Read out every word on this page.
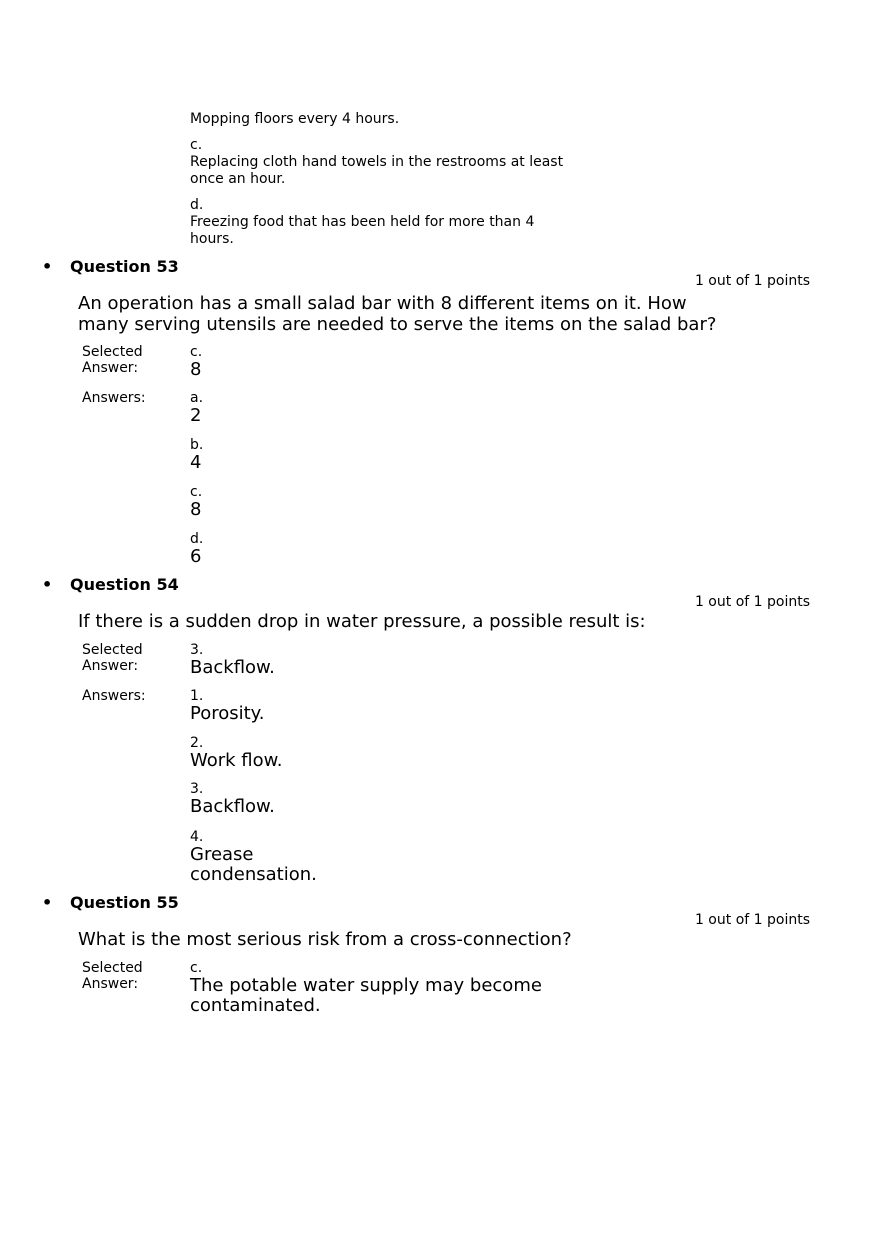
Mopping floors every 4 hours.
c.
Replacing cloth hand towels in the restrooms at least once an hour.
d.
Freezing food that has been held for more than 4 hours.
• Question 53
1 out of 1 points
An operation has a small salad bar with 8 different items on it. How many serving utensils are needed to serve the items on the salad bar?
Selected Answer:
c.
8
Answers:	a.
2
b.
4
c.
8
d.
6
• Question 54
1 out of 1 points
If there is a sudden drop in water pressure, a possible result is:
Selected Answer:
3.
Backflow.
Answers:	1.
Porosity.
2.
Work flow.
3.
Backflow.
4.
Grease condensation.
• Question 55
1 out of 1 points
What is the most serious risk from a cross-connection?
Selected Answer:
c.
The potable water supply may become contaminated.
